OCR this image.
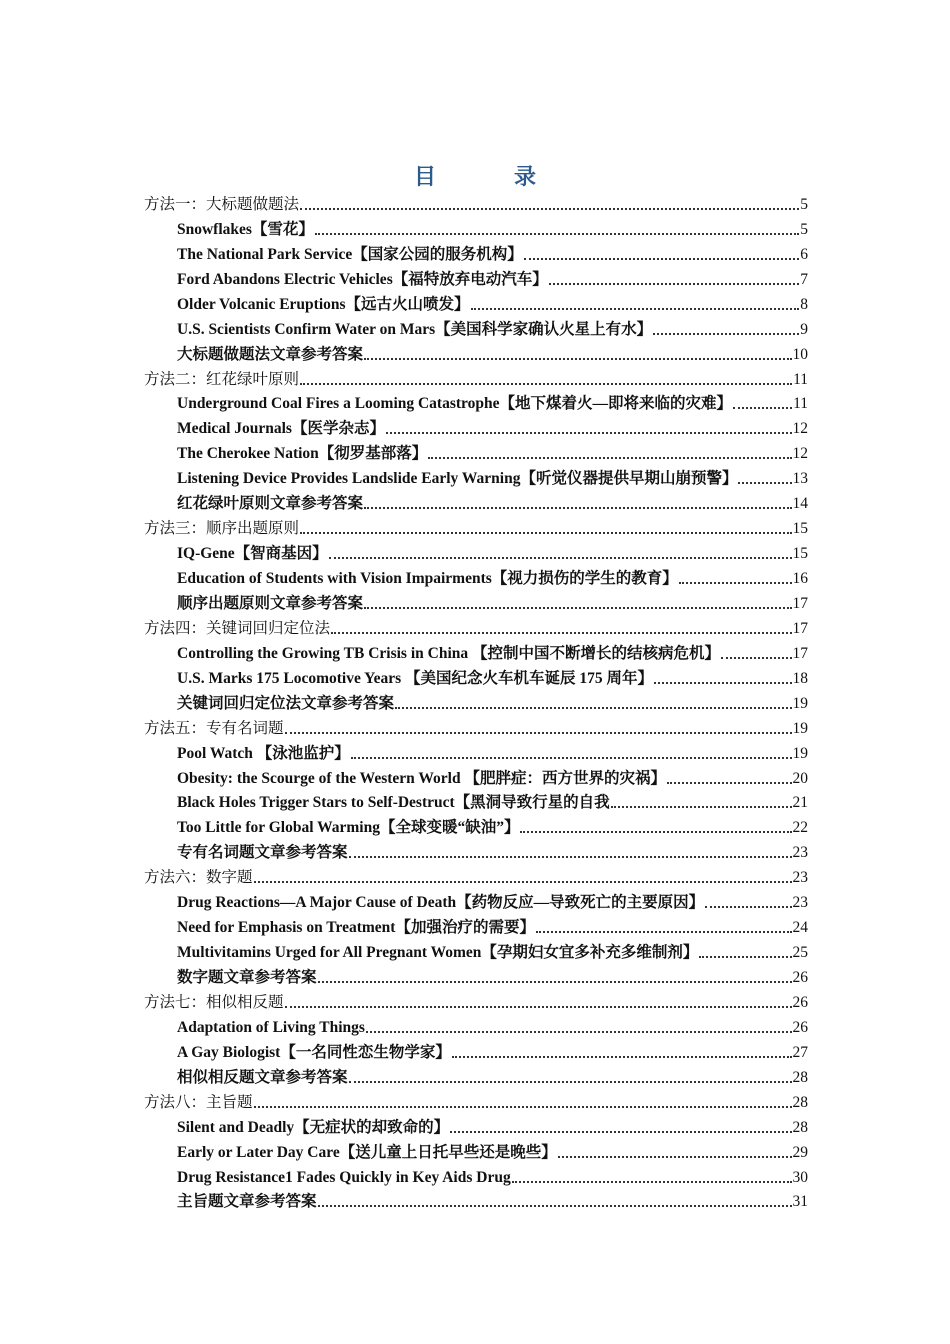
目　录
方法一：大标题做题法	5
Snowflakes【雪花】	5
The National Park Service【国家公园的服务机构】	6
Ford Abandons Electric Vehicles【福特放弃电动汽车】	7
Older Volcanic Eruptions【远古火山喷发】	8
U.S. Scientists Confirm Water on Mars【美国科学家确认火星上有水】	9
大标题做题法文章参考答案	10
方法二：红花绿叶原则	11
Underground Coal Fires a Looming Catastrophe【地下煤着火—即将来临的灾难】	11
Medical Journals【医学杂志】	12
The Cherokee Nation【彻罗基部落】	12
Listening Device Provides Landslide Early Warning【听觉仪器提供早期山崩预警】	13
红花绿叶原则文章参考答案	14
方法三：顺序出题原则	15
IQ-Gene【智商基因】	15
Education of Students with Vision Impairments【视力损伤的学生的教育】	16
顺序出题原则文章参考答案	17
方法四：关键词回归定位法	17
Controlling the Growing TB Crisis in China 【控制中国不断增长的结核病危机】	17
U.S. Marks 175 Locomotive Years 【美国纪念火车机车诞辰 175 周年】	18
关键词回归定位法文章参考答案	19
方法五：专有名词题	19
Pool Watch 【泳池监护】	19
Obesity: the Scourge of the Western World 【肥胖症：西方世界的灾祸】	20
Black Holes Trigger Stars to Self-Destruct【黑洞导致行星的自我	21
Too Little for Global Warming【全球变暖“缺油”】	22
专有名词题文章参考答案	23
方法六：数字题	23
Drug Reactions—A Major Cause of Death【药物反应—导致死亡的主要原因】	23
Need for Emphasis on Treatment【加强治疗的需要】	24
Multivitamins Urged for All Pregnant Women【孕期妇女宜多补充多维制剂】	25
数字题文章参考答案	26
方法七：相似相反题	26
Adaptation of Living Things	26
A Gay Biologist【一名同性恋生物学家】	27
相似相反题文章参考答案	28
方法八：主旨题	28
Silent and Deadly【无症状的却致命的】	28
Early or Later Day Care【送儿童上日托早些还是晚些】	29
Drug Resistance1 Fades Quickly in Key Aids Drug	30
主旨题文章参考答案	31
